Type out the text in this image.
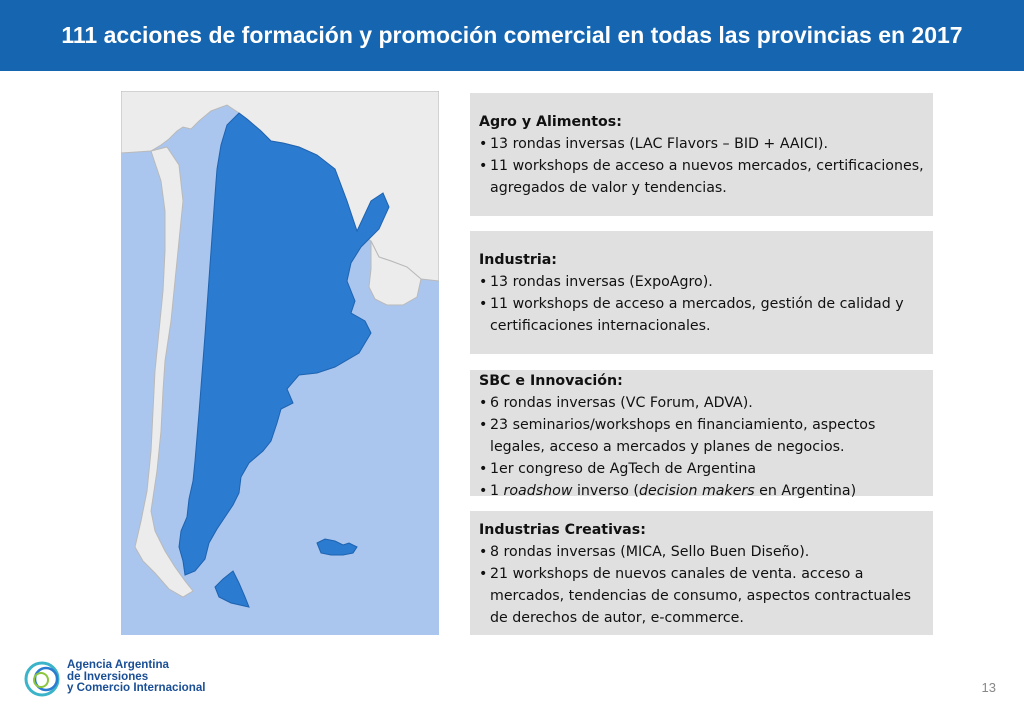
111 acciones de formación y promoción comercial en todas las provincias en 2017
Agro y Alimentos:
• 13 rondas inversas (LAC Flavors – BID + AAICI).
• 11 workshops de acceso a nuevos mercados, certificaciones, agregados de valor y tendencias.
Industria:
• 13 rondas inversas (ExpoAgro).
• 11 workshops de acceso a mercados, gestión de calidad y certificaciones internacionales.
SBC e Innovación:
• 6 rondas inversas (VC Forum, ADVA).
• 23 seminarios/workshops en financiamiento, aspectos legales, acceso a mercados y planes de negocios.
• 1er congreso de AgTech de Argentina
• 1 roadshow inverso (decision makers en Argentina)
Industrias Creativas:
• 8 rondas inversas (MICA, Sello Buen Diseño).
• 21 workshops de nuevos canales de venta. acceso a mercados, tendencias de consumo, aspectos contractuales de derechos de autor, e-commerce.
Agencia Argentina
de Inversiones
y Comercio Internacional	13
